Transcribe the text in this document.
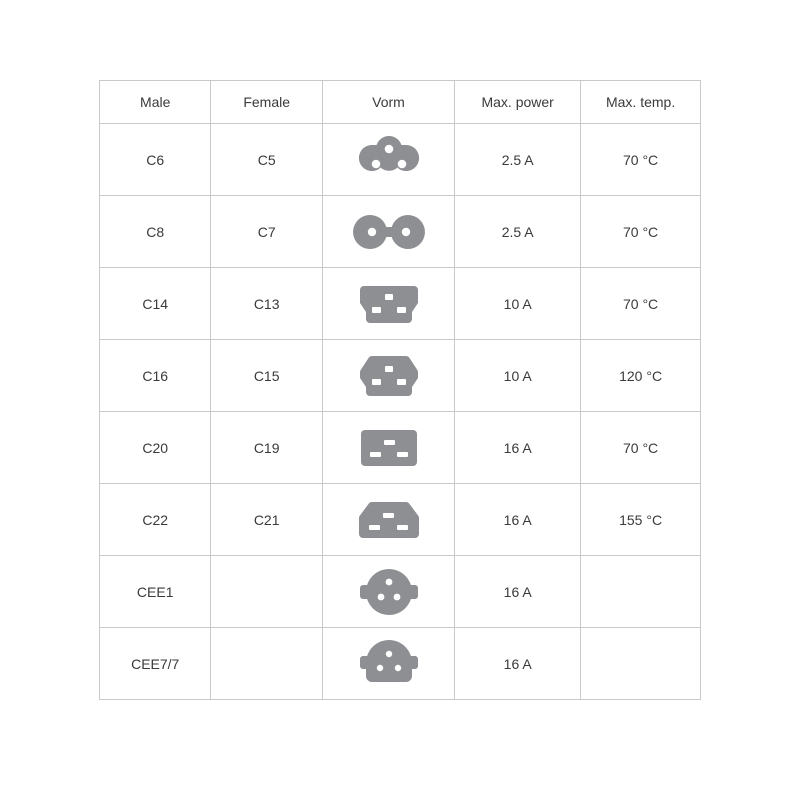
Male	Female	Vorm	Max. power	Max. temp.
C6	C5		2.5 A	70 °C
C8	C7		2.5 A	70 °C
C14	C13		10 A	70 °C
C16	C15		10 A	120 °C
C20	C19		16 A	70 °C
C22	C21		16 A	155 °C
CEE1			16 A	
CEE7/7			16 A	
